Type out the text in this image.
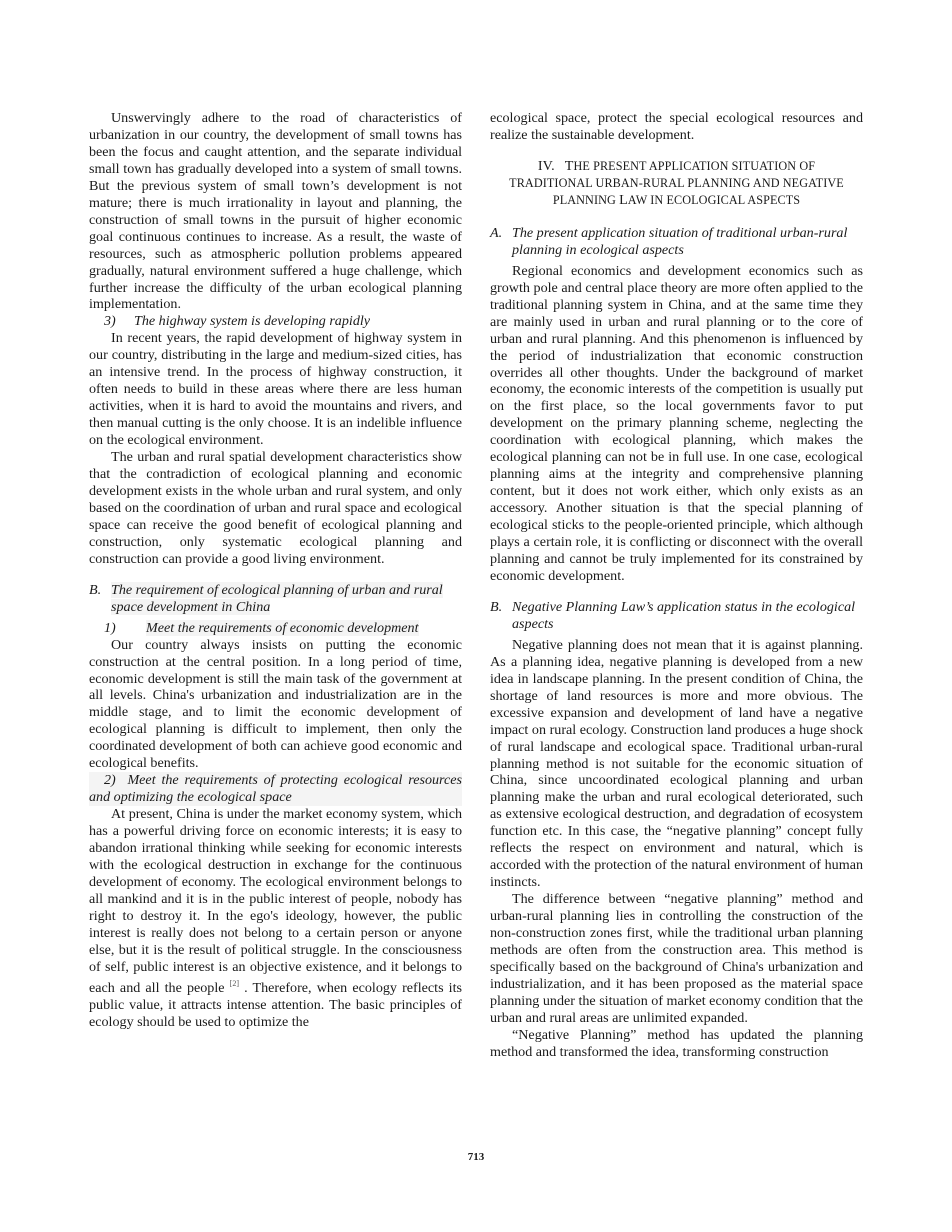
Unswervingly adhere to the road of characteristics of urbanization in our country, the development of small towns has been the focus and caught attention, and the separate individual small town has gradually developed into a system of small towns. But the previous system of small town’s development is not mature; there is much irrationality in layout and planning, the construction of small towns in the pursuit of higher economic goal continuous continues to increase. As a result, the waste of resources, such as atmospheric pollution problems appeared gradually, natural environment suffered a huge challenge, which further increase the difficulty of the urban ecological planning implementation.

3) The highway system is developing rapidly

In recent years, the rapid development of highway system in our country, distributing in the large and medium-sized cities, has an intensive trend. In the process of highway construction, it often needs to build in these areas where there are less human activities, when it is hard to avoid the mountains and rivers, and then manual cutting is the only choose. It is an indelible influence on the ecological environment.

The urban and rural spatial development characteristics show that the contradiction of ecological planning and economic development exists in the whole urban and rural system, and only based on the coordination of urban and rural space and ecological space can receive the good benefit of ecological planning and construction, only systematic ecological planning and construction can provide a good living environment.

B. The requirement of ecological planning of urban and rural space development in China

1) Meet the requirements of economic development

Our country always insists on putting the economic construction at the central position. In a long period of time, economic development is still the main task of the government at all levels. China's urbanization and industrialization are in the middle stage, and to limit the economic development of ecological planning is difficult to implement, then only the coordinated development of both can achieve good economic and ecological benefits.

2) Meet the requirements of protecting ecological resources and optimizing the ecological space

At present, China is under the market economy system, which has a powerful driving force on economic interests; it is easy to abandon irrational thinking while seeking for economic interests with the ecological destruction in exchange for the continuous development of economy. The ecological environment belongs to all mankind and it is in the public interest of people, nobody has right to destroy it. In the ego's ideology, however, the public interest is really does not belong to a certain person or anyone else, but it is the result of political struggle. In the consciousness of self, public interest is an objective existence, and it belongs to each and all the people [2] . Therefore, when ecology reflects its public value, it attracts intense attention. The basic principles of ecology should be used to optimize the

ecological space, protect the special ecological resources and realize the sustainable development.

IV. THE PRESENT APPLICATION SITUATION OF
TRADITIONAL URBAN-RURAL PLANNING AND NEGATIVE
PLANNING LAW IN ECOLOGICAL ASPECTS

A. The present application situation of traditional urban-rural planning in ecological aspects

Regional economics and development economics such as growth pole and central place theory are more often applied to the traditional planning system in China, and at the same time they are mainly used in urban and rural planning or to the core of urban and rural planning. And this phenomenon is influenced by the period of industrialization that economic construction overrides all other thoughts. Under the background of market economy, the economic interests of the competition is usually put on the first place, so the local governments favor to put development on the primary planning scheme, neglecting the coordination with ecological planning, which makes the ecological planning can not be in full use. In one case, ecological planning aims at the integrity and comprehensive planning content, but it does not work either, which only exists as an accessory. Another situation is that the special planning of ecological sticks to the people-oriented principle, which although plays a certain role, it is conflicting or disconnect with the overall planning and cannot be truly implemented for its constrained by economic development.

B. Negative Planning Law’s application status in the ecological aspects

Negative planning does not mean that it is against planning. As a planning idea, negative planning is developed from a new idea in landscape planning. In the present condition of China, the shortage of land resources is more and more obvious. The excessive expansion and development of land have a negative impact on rural ecology. Construction land produces a huge shock of rural landscape and ecological space. Traditional urban-rural planning method is not suitable for the economic situation of China, since uncoordinated ecological planning and urban planning make the urban and rural ecological deteriorated, such as extensive ecological destruction, and degradation of ecosystem function etc. In this case, the “negative planning” concept fully reflects the respect on environment and natural, which is accorded with the protection of the natural environment of human instincts.

The difference between “negative planning” method and urban-rural planning lies in controlling the construction of the non-construction zones first, while the traditional urban planning methods are often from the construction area. This method is specifically based on the background of China's urbanization and industrialization, and it has been proposed as the material space planning under the situation of market economy condition that the urban and rural areas are unlimited expanded.

“Negative Planning” method has updated the planning method and transformed the idea, transforming construction

713
